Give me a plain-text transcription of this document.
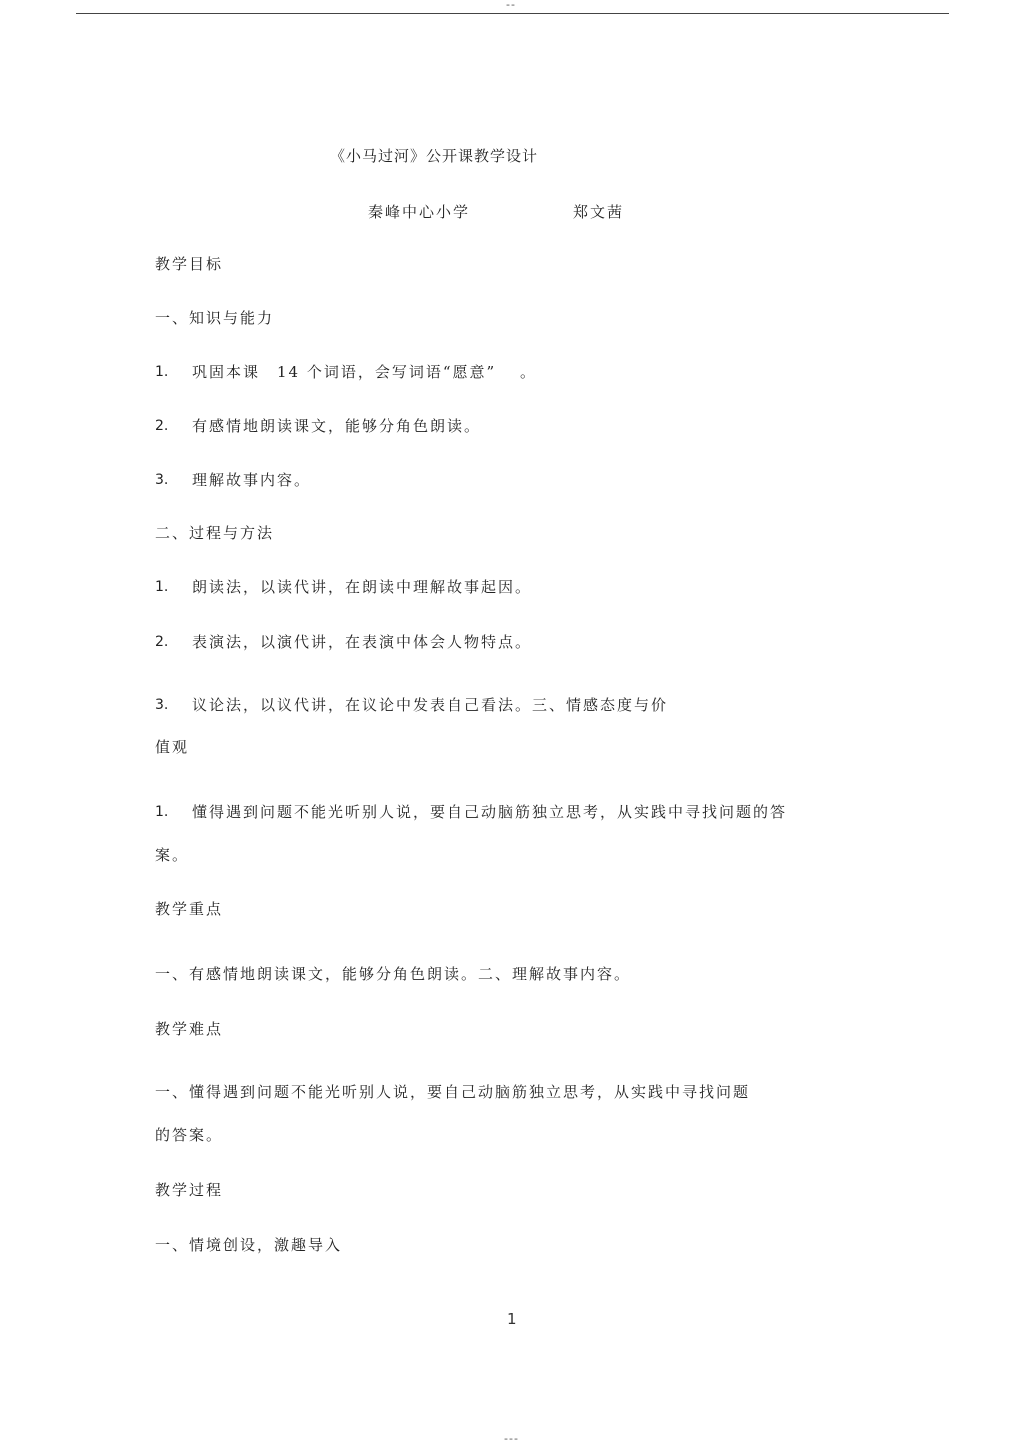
--
《小马过河》公开课教学设计
秦峰中心小学	郑文茜
教学目标
一、知识与能力
1. 巩固本课　14 个词语，会写词语“愿意”　 。
2. 有感情地朗读课文，能够分角色朗读。
3. 理解故事内容。
二、过程与方法
1. 朗读法，以读代讲，在朗读中理解故事起因。
2. 表演法，以演代讲，在表演中体会人物特点。
3. 议论法，以议代讲，在议论中发表自己看法。三、情感态度与价
值观
1. 懂得遇到问题不能光听别人说，要自己动脑筋独立思考，从实践中寻找问题的答
案。
教学重点
一、有感情地朗读课文，能够分角色朗读。二、理解故事内容。
教学难点
一、懂得遇到问题不能光听别人说，要自己动脑筋独立思考，从实践中寻找问题
的答案。
教学过程
一、情境创设，激趣导入
1
---
